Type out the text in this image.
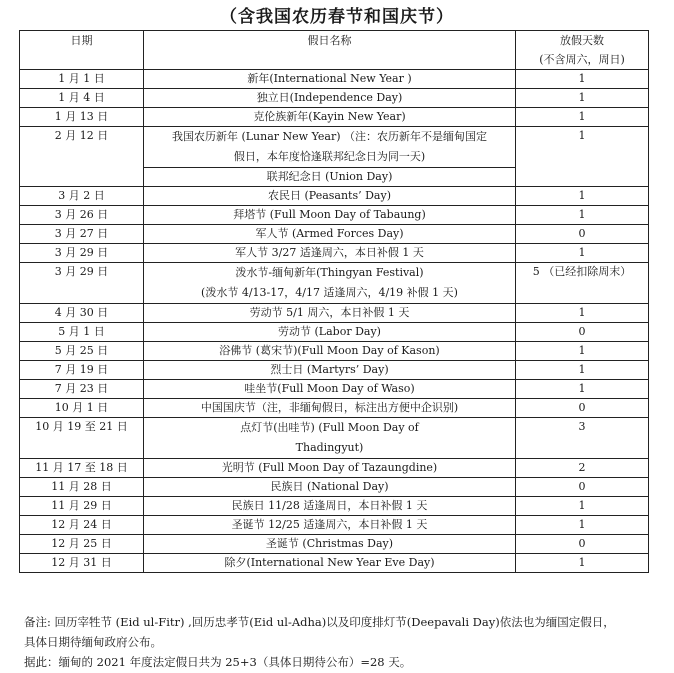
（含我国农历春节和国庆节）
日期	假日名称	放假天数
(不含周六，周日)

1 月 1 日	新年(International New Year )	1
1 月 4 日	独立日(Independence Day)	1
1 月 13 日	克伦族新年(Kayin New Year)	1
2 月 12 日	我国农历新年 (Lunar New Year) （注：农历新年不是缅甸国定
假日，本年度恰逢联邦纪念日为同一天)	1
	联邦纪念日 (Union Day)	
3 月 2 日	农民日 (Peasants’ Day)	1
3 月 26 日	拜塔节 (Full Moon Day of Tabaung)	1
3 月 27 日	军人节 (Armed Forces Day)	0
3 月 29 日	军人节 3/27 适逢周六，本日补假 1 天	1
3 月 29 日	泼水节-缅甸新年(Thingyan Festival)
(泼水节 4/13-17，4/17 适逢周六，4/19 补假 1 天)	5 （已经扣除周末）
4 月 30 日	劳动节 5/1 周六，本日补假 1 天	1
5 月 1 日	劳动节 (Labor Day)	0
5 月 25 日	浴佛节 (葛宋节)(Full Moon Day of Kason)	1
7 月 19 日	烈士日 (Martyrs’ Day)	1
7 月 23 日	哇坐节(Full Moon Day of Waso)	1
10 月 1 日	中国国庆节（注，非缅甸假日，标注出方便中企识别)	0
10 月 19 至 21 日	点灯节(出哇节) (Full Moon Day of
Thadingyut)	3
11 月 17 至 18 日	光明节 (Full Moon Day of Tazaungdine)	2
11 月 28 日	民族日 (National Day)	0
11 月 29 日	民族日 11/28 适逢周日，本日补假 1 天	1
12 月 24 日	圣诞节 12/25 适逢周六，本日补假 1 天	1
12 月 25 日	圣诞节 (Christmas Day)	0
12 月 31 日	除夕(International New Year Eve Day)	1

备注: 回历宰牲节 (Eid ul-Fitr) ,回历忠孝节(Eid ul-Adha)以及印度排灯节(Deepavali Day)依法也为缅国定假日，

具体日期待缅甸政府公布。

据此：缅甸的 2021 年度法定假日共为 25+3（具体日期待公布）=28 天。
